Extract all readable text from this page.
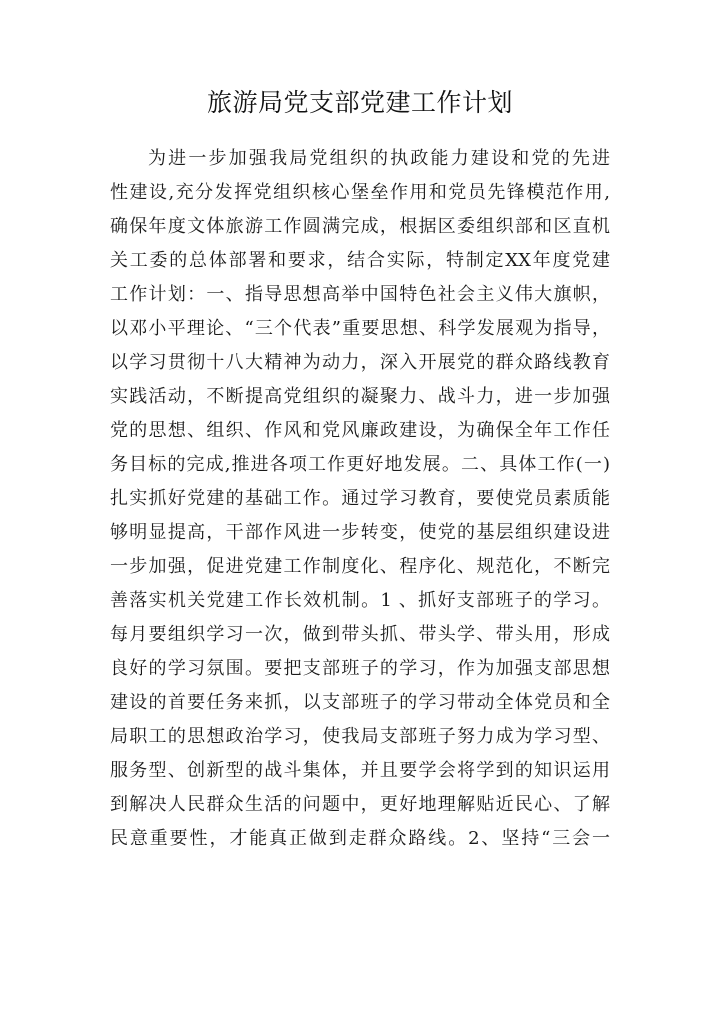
旅游局党支部党建工作计划
为进一步加强我局党组织的执政能力建设和党的先进
性建设,充分发挥党组织核心堡垒作用和党员先锋模范作用,
确保年度文体旅游工作圆满完成，根据区委组织部和区直机
关工委的总体部署和要求，结合实际，特制定XX年度党建
工作计划：一、指导思想高举中国特色社会主义伟大旗帜，
以邓小平理论、“三个代表”重要思想、科学发展观为指导，
以学习贯彻十八大精神为动力，深入开展党的群众路线教育
实践活动，不断提高党组织的凝聚力、战斗力，进一步加强
党的思想、组织、作风和党风廉政建设，为确保全年工作任
务目标的完成,推进各项工作更好地发展。二、具体工作(一)
扎实抓好党建的基础工作。通过学习教育，要使党员素质能
够明显提高，干部作风进一步转变，使党的基层组织建设进
一步加强，促进党建工作制度化、程序化、规范化，不断完
善落实机关党建工作长效机制。1 、抓好支部班子的学习。
每月要组织学习一次，做到带头抓、带头学、带头用，形成
良好的学习氛围。要把支部班子的学习，作为加强支部思想
建设的首要任务来抓，以支部班子的学习带动全体党员和全
局职工的思想政治学习，使我局支部班子努力成为学习型、
服务型、创新型的战斗集体，并且要学会将学到的知识运用
到解决人民群众生活的问题中，更好地理解贴近民心、了解
民意重要性，才能真正做到走群众路线。2、坚持“三会一
